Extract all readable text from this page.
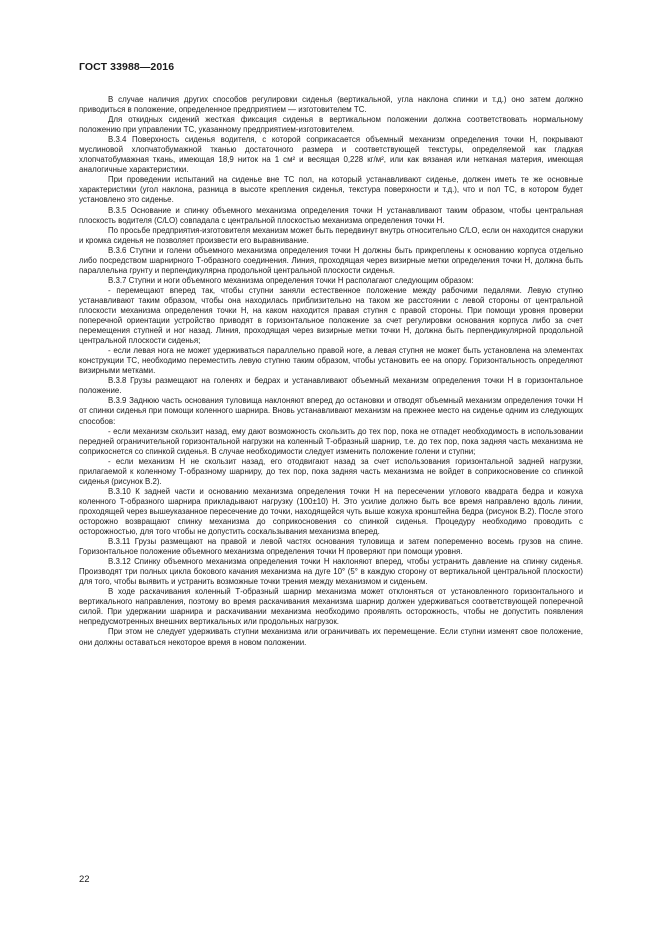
ГОСТ 33988—2016

В случае наличия других способов регулировки сиденья (вертикальной, угла наклона спинки и т.д.) оно затем должно приводиться в положение, определенное предприятием — изготовителем ТС.

Для откидных сидений жесткая фиксация сиденья в вертикальном положении должна соответствовать нормальному положению при управлении ТС, указанному предприятием-изготовителем.

В.3.4 Поверхность сиденья водителя, с которой соприкасается объемный механизм определения точки Н, покрывают муслиновой хлопчатобумажной тканью достаточного размера и соответствующей текстуры, определяемой как гладкая хлопчатобумажная ткань, имеющая 18,9 ниток на 1 см² и весящая 0,228 кг/м², или как вязаная или нетканая материя, имеющая аналогичные характеристики.

При проведении испытаний на сиденье вне ТС пол, на который устанавливают сиденье, должен иметь те же основные характеристики (угол наклона, разница в высоте крепления сиденья, текстура поверхности и т.д.), что и пол ТС, в котором будет установлено это сиденье.

В.3.5 Основание и спинку объемного механизма определения точки Н устанавливают таким образом, чтобы центральная плоскость водителя (С/LO) совпадала с центральной плоскостью механизма определения точки Н.

По просьбе предприятия-изготовителя механизм может быть передвинут внутрь относительно С/LO, если он находится снаружи и кромка сиденья не позволяет произвести его выравнивание.

В.3.6 Ступни и голени объемного механизма определения точки Н должны быть прикреплены к основанию корпуса отдельно либо посредством шарнирного Т-образного соединения. Линия, проходящая через визирные метки определения точки Н, должна быть параллельна грунту и перпендикулярна продольной центральной плоскости сиденья.

В.3.7 Ступни и ноги объемного механизма определения точки Н располагают следующим образом:

- перемещают вперед так, чтобы ступни заняли естественное положение между рабочими педалями. Левую ступню устанавливают таким образом, чтобы она находилась приблизительно на таком же расстоянии с левой стороны от центральной плоскости механизма определения точки Н, на каком находится правая ступня с правой стороны. При помощи уровня проверки поперечной ориентации устройство приводят в горизонтальное положение за счет регулировки основания корпуса либо за счет перемещения ступней и ног назад. Линия, проходящая через визирные метки точки Н, должна быть перпендикулярной продольной центральной плоскости сиденья;

- если левая нога не может удерживаться параллельно правой ноге, а левая ступня не может быть установлена на элементах конструкции ТС, необходимо переместить левую ступню таким образом, чтобы установить ее на опору. Горизонтальность определяют визирными метками.

В.3.8 Грузы размещают на голенях и бедрах и устанавливают объемный механизм определения точки Н в горизонтальное положение.

В.3.9 Заднюю часть основания туловища наклоняют вперед до остановки и отводят объемный механизм определения точки Н от спинки сиденья при помощи коленного шарнира. Вновь устанавливают механизм на прежнее место на сиденье одним из следующих способов:

- если механизм скользит назад, ему дают возможность скользить до тех пор, пока не отпадет необходимость в использовании передней ограничительной горизонтальной нагрузки на коленный Т-образный шарнир, т.е. до тех пор, пока задняя часть механизма не соприкоснется со спинкой сиденья. В случае необходимости следует изменить положение голени и ступни;

- если механизм Н не скользит назад, его отодвигают назад за счет использования горизонтальной задней нагрузки, прилагаемой к коленному Т-образному шарниру, до тех пор, пока задняя часть механизма не войдет в соприкосновение со спинкой сиденья (рисунок В.2).

В.3.10 К задней части и основанию механизма определения точки Н на пересечении углового квадрата бедра и кожуха коленного Т-образного шарнира прикладывают нагрузку (100±10) Н. Это усилие должно быть все время направлено вдоль линии, проходящей через вышеуказанное пересечение до точки, находящейся чуть выше кожуха кронштейна бедра (рисунок В.2). После этого осторожно возвращают спинку механизма до соприкосновения со спинкой сиденья. Процедуру необходимо проводить с осторожностью, для того чтобы не допустить соскальзывания механизма вперед.

В.3.11 Грузы размещают на правой и левой частях основания туловища и затем попеременно восемь грузов на спине. Горизонтальное положение объемного механизма определения точки Н проверяют при помощи уровня.

В.3.12 Спинку объемного механизма определения точки Н наклоняют вперед, чтобы устранить давление на спинку сиденья. Производят три полных цикла бокового качания механизма на дуге 10° (5° в каждую сторону от вертикальной центральной плоскости) для того, чтобы выявить и устранить возможные точки трения между механизмом и сиденьем.

В ходе раскачивания коленный Т-образный шарнир механизма может отклоняться от установленного горизонтального и вертикального направления, поэтому во время раскачивания механизма шарнир должен удерживаться соответствующей поперечной силой. При удержании шарнира и раскачивании механизма необходимо проявлять осторожность, чтобы не допустить появления непредусмотренных внешних вертикальных или продольных нагрузок.

При этом не следует удерживать ступни механизма или ограничивать их перемещение. Если ступни изменят свое положение, они должны оставаться некоторое время в новом положении.

22
